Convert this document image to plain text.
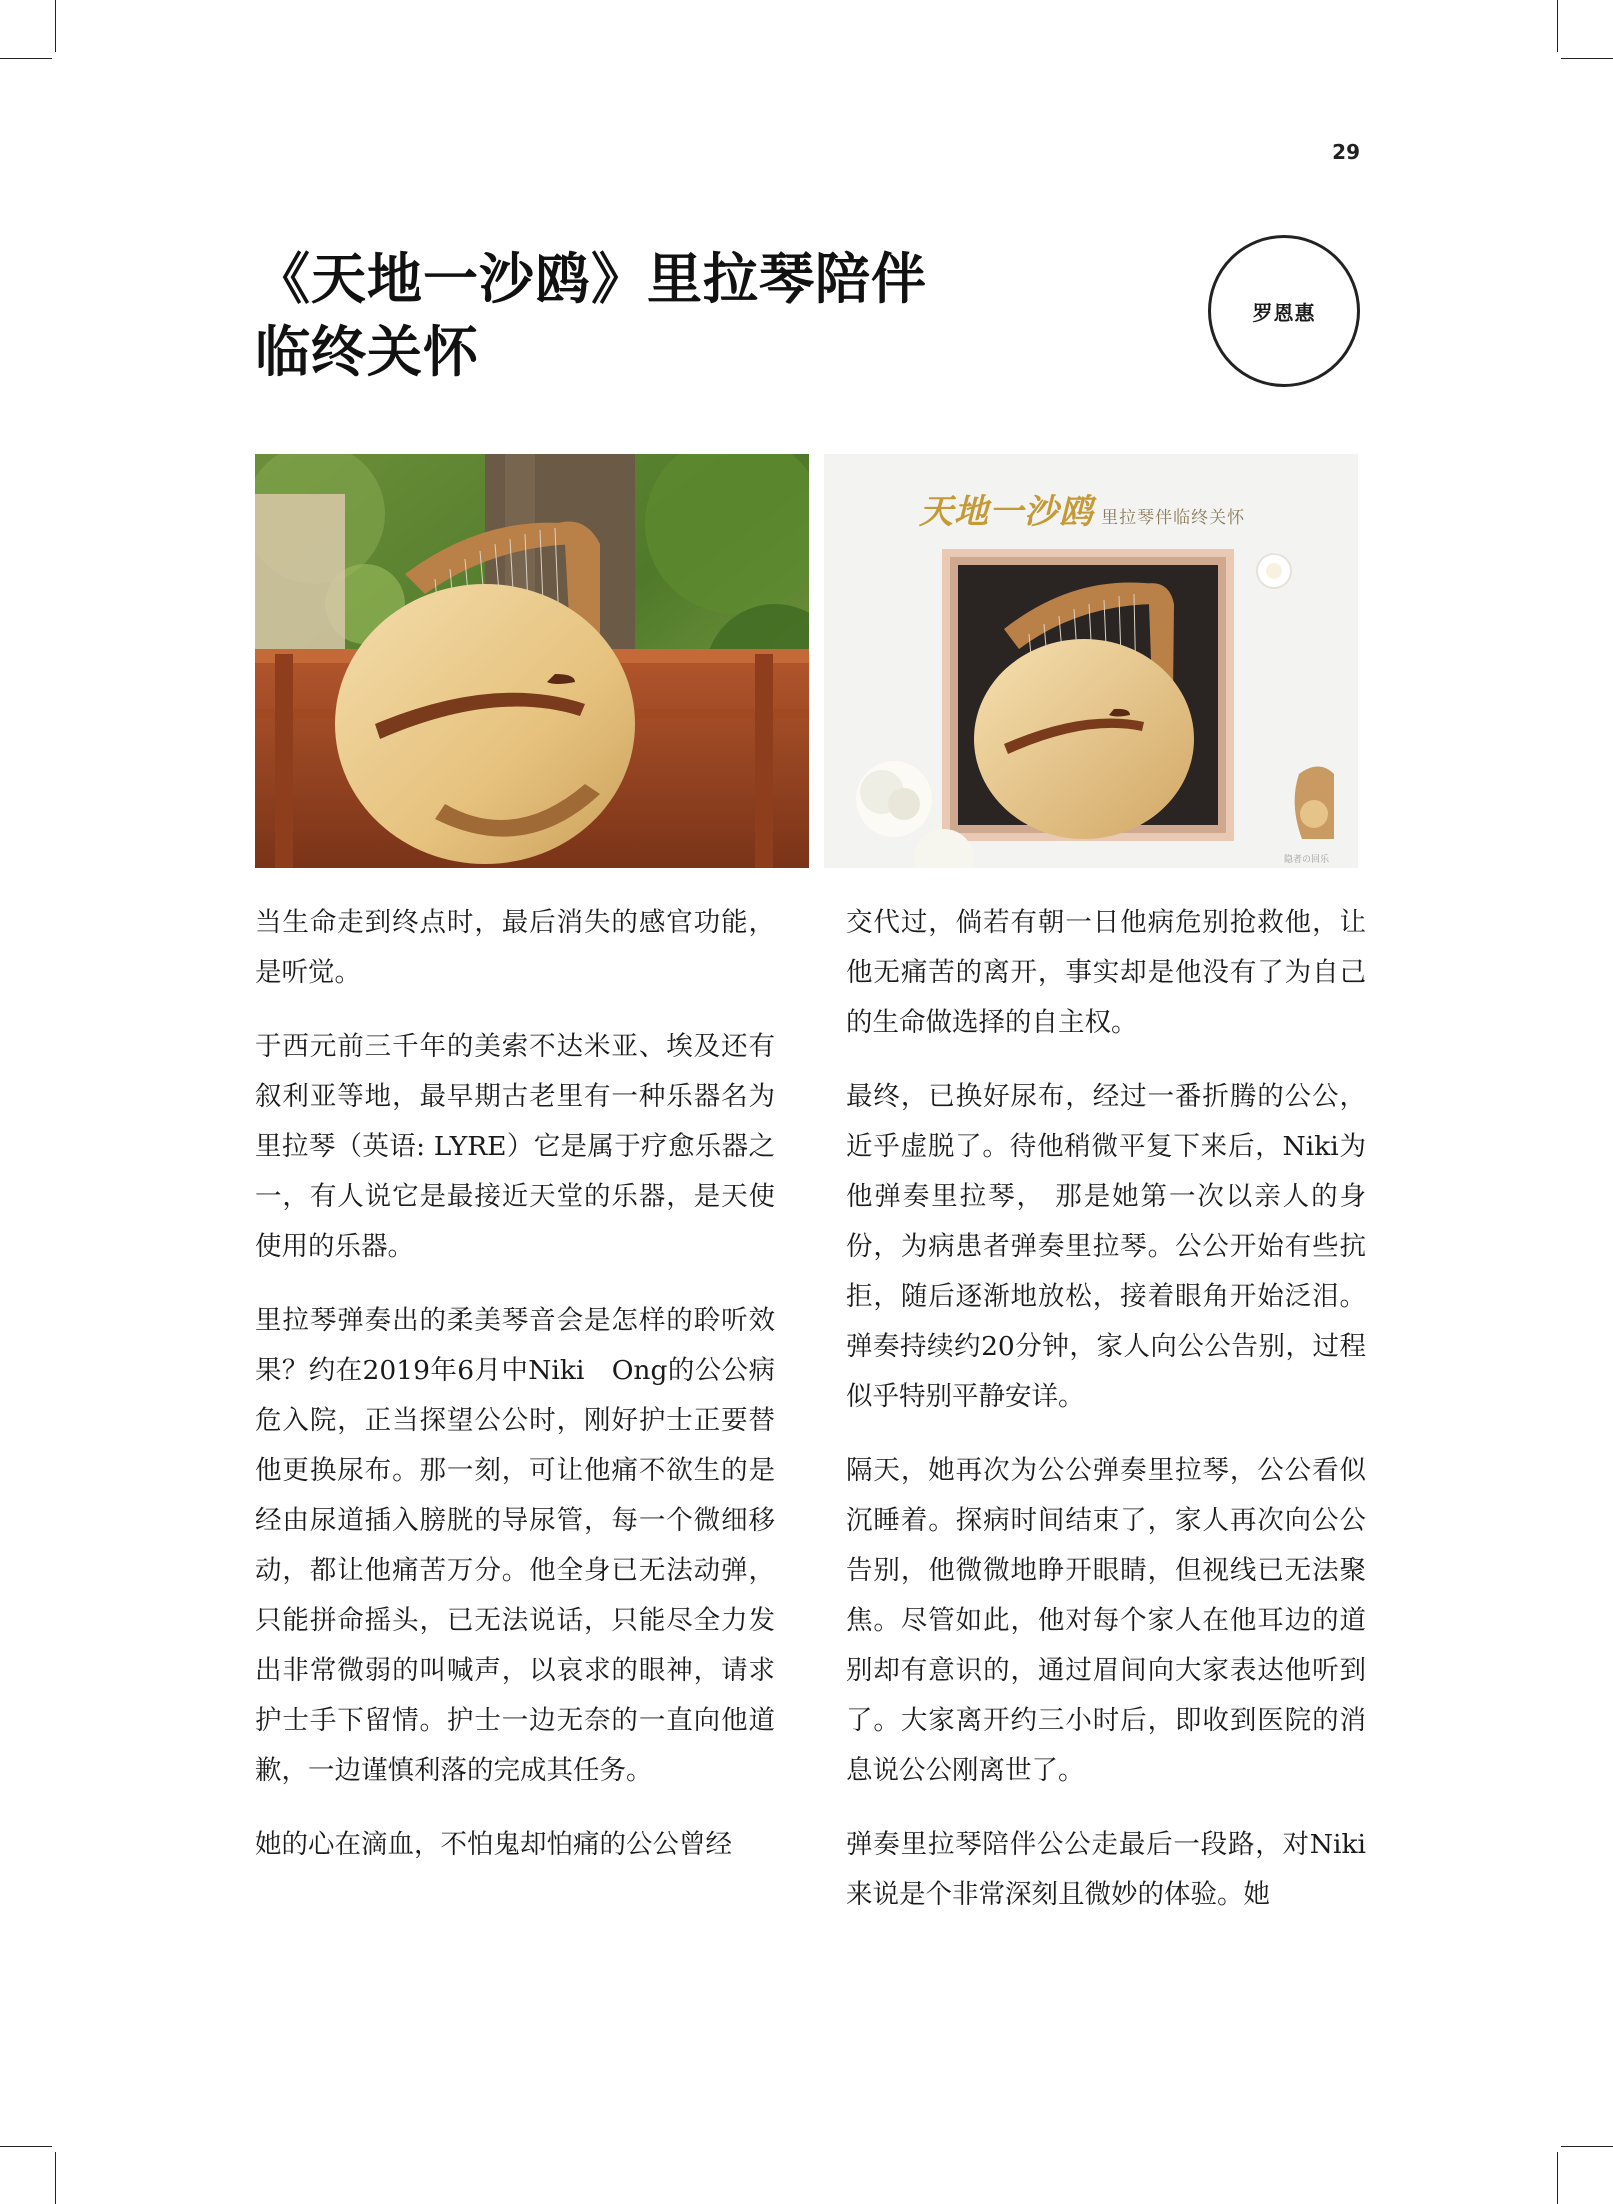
29
《天地一沙鸥》里拉琴陪伴
临终关怀
罗恩惠
隐者の回乐
天地一沙鸥 里拉琴伴临终关怀

当生命走到终点时，最后消失的感官功能，是听觉。

于西元前三千年的美索不达米亚、埃及还有叙利亚等地，最早期古老里有一种乐器名为里拉琴（英语: LYRE）它是属于疗愈乐器之一，有人说它是最接近天堂的乐器，是天使使用的乐器。

里拉琴弹奏出的柔美琴音会是怎样的聆听效果？约在2019年6月中Niki　Ong的公公病危入院，正当探望公公时，刚好护士正要替他更换尿布。那一刻，可让他痛不欲生的是经由尿道插入膀胱的导尿管，每一个微细移动，都让他痛苦万分。他全身已无法动弹，只能拼命摇头，已无法说话，只能尽全力发出非常微弱的叫喊声，以哀求的眼神，请求护士手下留情。护士一边无奈的一直向他道歉，一边谨慎利落的完成其任务。

她的心在滴血，不怕鬼却怕痛的公公曾经

交代过，倘若有朝一日他病危别抢救他，让他无痛苦的离开，事实却是他没有了为自己的生命做选择的自主权。

最终，已换好尿布，经过一番折腾的公公，近乎虚脱了。待他稍微平复下来后，Niki为他弹奏里拉琴， 那是她第一次以亲人的身份，为病患者弹奏里拉琴。公公开始有些抗拒，随后逐渐地放松，接着眼角开始泛泪。弹奏持续约20分钟，家人向公公告别，过程似乎特别平静安详。

隔天，她再次为公公弹奏里拉琴，公公看似沉睡着。探病时间结束了，家人再次向公公告别，他微微地睁开眼睛，但视线已无法聚焦。尽管如此，他对每个家人在他耳边的道别却有意识的，通过眉间向大家表达他听到了。大家离开约三小时后，即收到医院的消息说公公刚离世了。

弹奏里拉琴陪伴公公走最后一段路，对Niki来说是个非常深刻且微妙的体验。她
